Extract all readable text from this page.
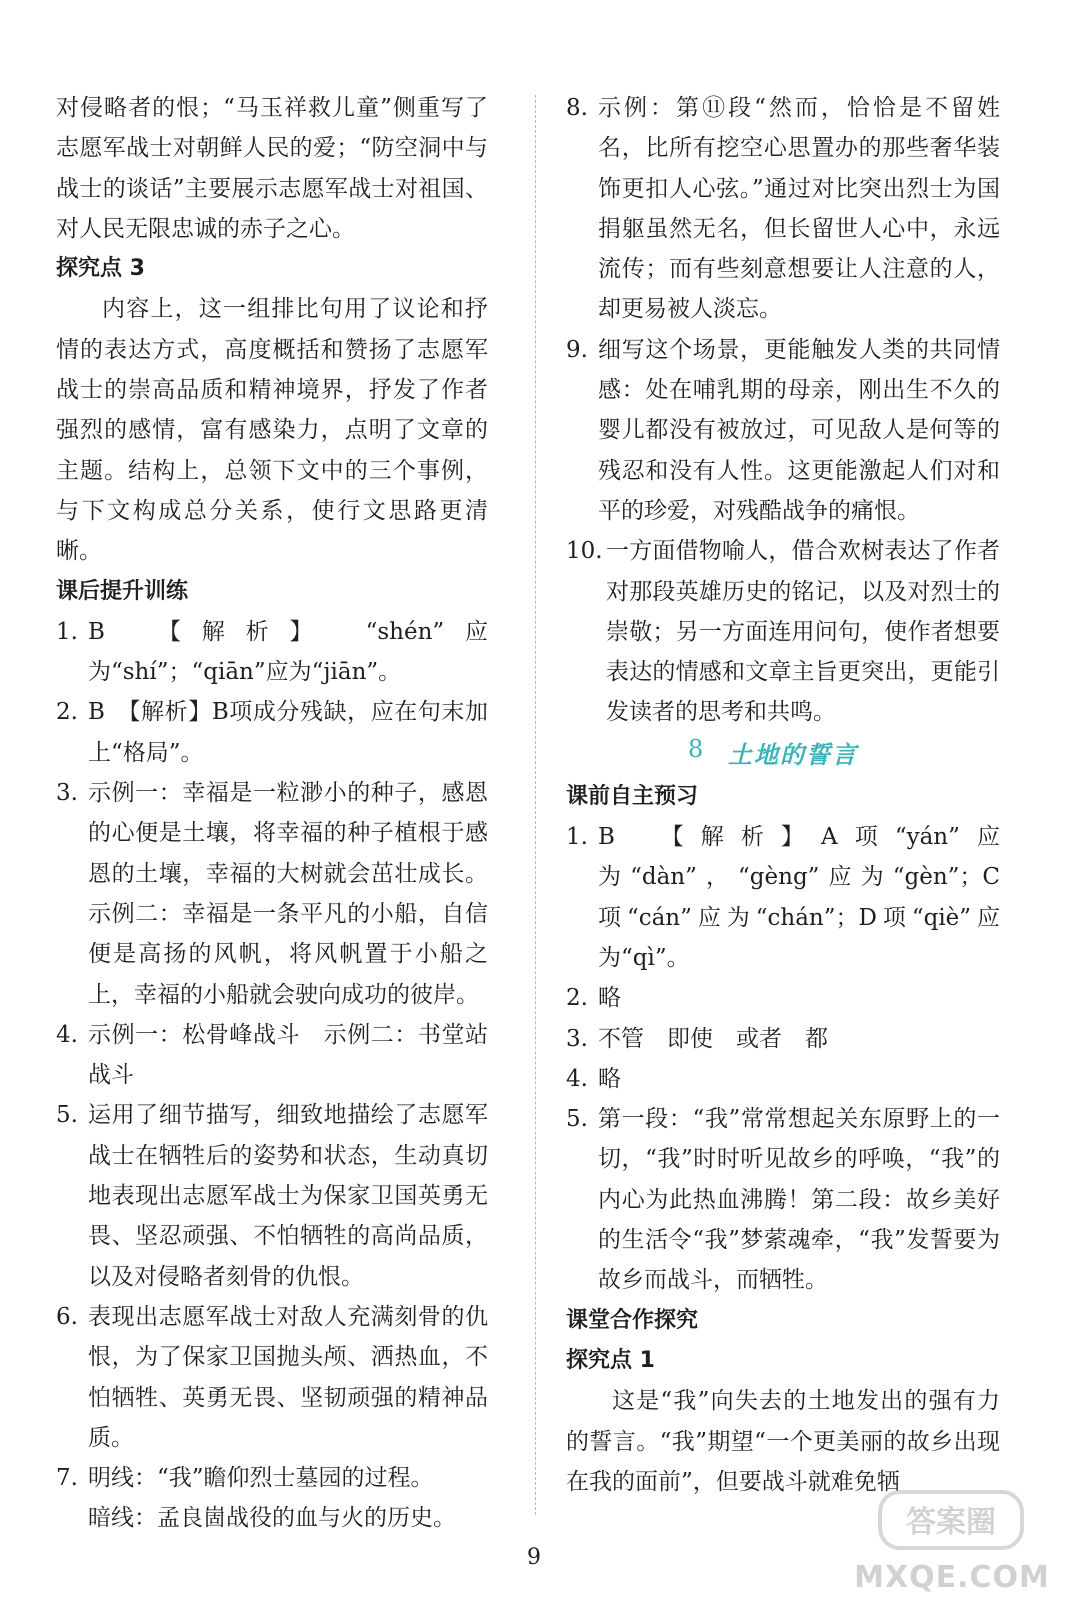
对侵略者的恨；“马玉祥救儿童”侧重写了志愿军战士对朝鲜人民的爱；“防空洞中与战士的谈话”主要展示志愿军战士对祖国、对人民无限忠诚的赤子之心。

探究点 3

内容上，这一组排比句用了议论和抒情的表达方式，高度概括和赞扬了志愿军战士的崇高品质和精神境界，抒发了作者强烈的感情，富有感染力，点明了文章的主题。结构上，总领下文中的三个事例，与下文构成总分关系，使行文思路更清晰。

课后提升训练

1. B　【解析】　“shén”应为“shí”；“qiān”应为“jiān”。
2. B　【解析】B项成分残缺，应在句末加上“格局”。
3. 示例一：幸福是一粒渺小的种子，感恩的心便是土壤，将幸福的种子植根于感恩的土壤，幸福的大树就会茁壮成长。示例二：幸福是一条平凡的小船，自信便是高扬的风帆，将风帆置于小船之上，幸福的小船就会驶向成功的彼岸。
4. 示例一：松骨峰战斗　示例二：书堂站战斗
5. 运用了细节描写，细致地描绘了志愿军战士在牺牲后的姿势和状态，生动真切地表现出志愿军战士为保家卫国英勇无畏、坚忍顽强、不怕牺牲的高尚品质，以及对侵略者刻骨的仇恨。
6. 表现出志愿军战士对敌人充满刻骨的仇恨，为了保家卫国抛头颅、洒热血，不怕牺牲、英勇无畏、坚韧顽强的精神品质。
7. 明线：“我”瞻仰烈士墓园的过程。
暗线：孟良崮战役的血与火的历史。
8. 示例：第⑪段“然而，恰恰是不留姓名，比所有挖空心思置办的那些奢华装饰更扣人心弦。”通过对比突出烈士为国捐躯虽然无名，但长留世人心中，永远流传；而有些刻意想要让人注意的人，却更易被人淡忘。
9. 细写这个场景，更能触发人类的共同情感：处在哺乳期的母亲，刚出生不久的婴儿都没有被放过，可见敌人是何等的残忍和没有人性。这更能激起人们对和平的珍爱，对残酷战争的痛恨。
10. 一方面借物喻人，借合欢树表达了作者对那段英雄历史的铭记，以及对烈士的崇敬；另一方面连用问句，使作者想要表达的情感和文章主旨更突出，更能引发读者的思考和共鸣。
8 土地的誓言

课前自主预习

1. B　【解析】A项“yán”应为“dàn”，“gèng”应为“gèn”；C项“cán”应为“chán”；D项“qiè”应为“qì”。
2. 略
3. 不管　即使　或者　都
4. 略
5. 第一段：“我”常常想起关东原野上的一切，“我”时时听见故乡的呼唤，“我”的内心为此热血沸腾！第二段：故乡美好的生活令“我”梦萦魂牵，“我”发誓要为故乡而战斗，而牺牲。

课堂合作探究

探究点 1

这是“我”向失去的土地发出的强有力的誓言。“我”期望“一个更美丽的故乡出现在我的面前”，但要战斗就难免牺

9
答案圈
MXQE.COM
